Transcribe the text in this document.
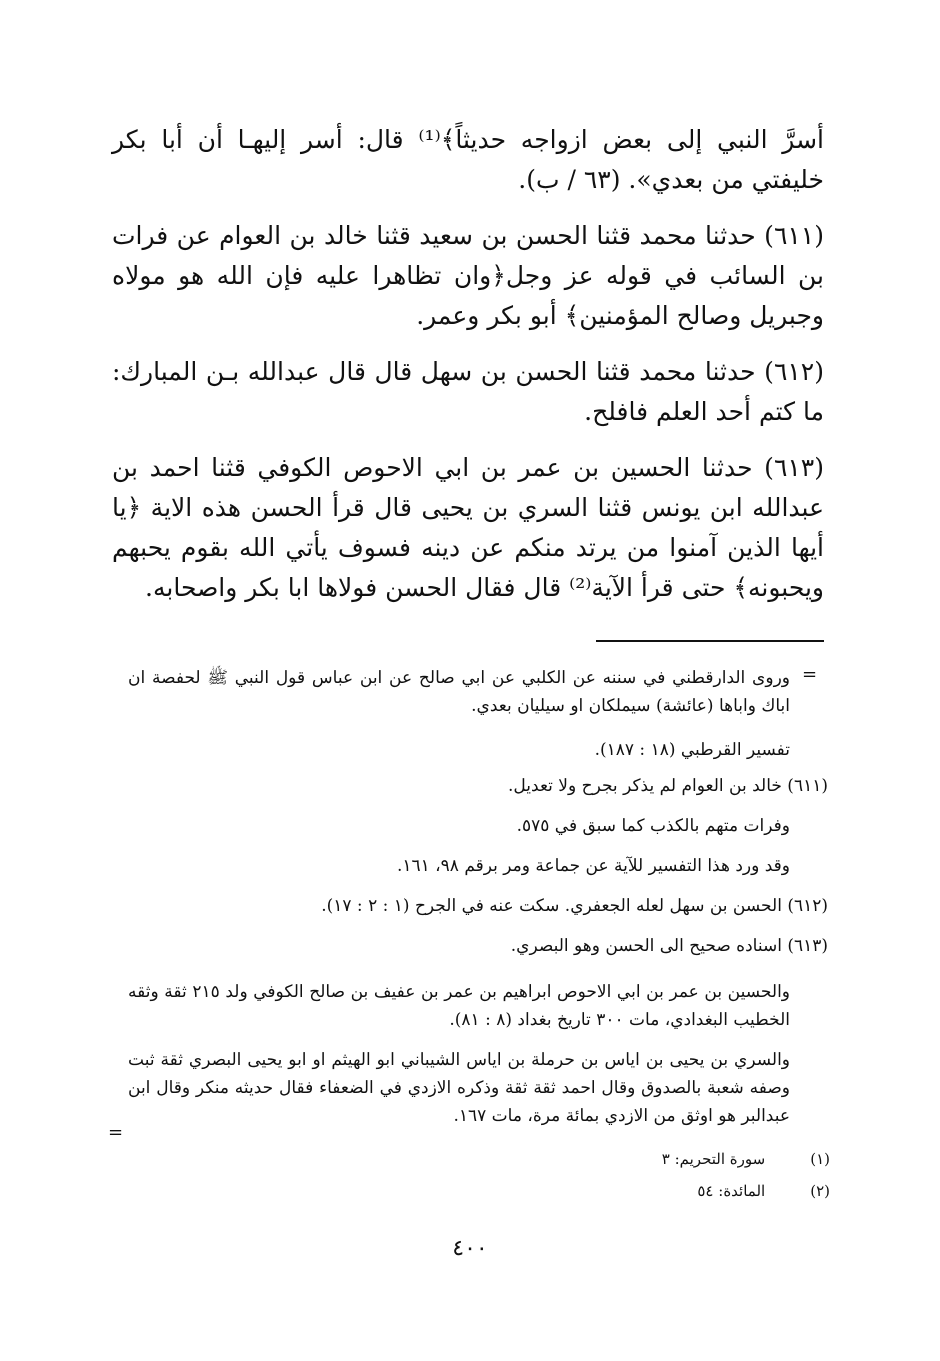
أسرَّ النبي إلى بعض ازواجه حديثاً﴾⁽¹⁾ قال: أسر إليهـا أن أبا بكر خليفتي من بعدي». (٦٣ / ب).

(٦١١) حدثنا محمد قثنا الحسن بن سعيد قثنا خالد بن العوام عن فرات بن السائب في قوله عز وجل﴿وان تظاهرا عليه فإن الله هو مولاه وجبريل وصالح المؤمنين﴾ أبو بكر وعمر.

(٦١٢) حدثنا محمد قثنا الحسن بن سهل قال قال عبدالله بـن المبارك: ما كتم أحد العلم فافلح.

(٦١٣) حدثنا الحسين بن عمر بن ابي الاحوص الكوفي قثنا احمد بن عبدالله ابن يونس قثنا السري بن يحيى قال قرأ الحسن هذه الاية ﴿يا أيها الذين آمنوا من يرتد منكم عن دينه فسوف يأتي الله بقوم يحبهم ويحبونه﴾ حتى قرأ الآية⁽²⁾ قال فقال الحسن فولاها ابا بكر واصحابه.

=

وروى الدارقطني في سننه عن الكلبي عن ابي صالح عن ابن عباس قول النبي ﷺ لحفصة ان اباك واباها (عائشة) سيملكان او سيليان بعدي.

تفسير القرطبي (١٨ : ١٨٧).

(٦١١) خالد بن العوام لم يذكر بجرح ولا تعديل.

وفرات متهم بالكذب كما سبق في ٥٧٥.

وقد ورد هذا التفسير للآية عن جماعة ومر برقم ٩٨، ١٦١.

(٦١٢) الحسن بن سهل لعله الجعفري. سكت عنه في الجرح (١ : ٢ : ١٧).

(٦١٣) اسناده صحيح الى الحسن وهو البصري.

والحسين بن عمر بن ابي الاحوص ابراهيم بن عمر بن عفيف بن صالح الكوفي ولد ٢١٥ ثقة وثقه الخطيب البغدادي، مات ٣٠٠ تاريخ بغداد (٨ : ٨١).

والسري بن يحيى بن اياس بن حرملة بن اياس الشيباني ابو الهيثم او ابو يحيى البصري ثقة ثبت وصفه شعبة بالصدوق وقال احمد ثقة ثقة وذكره الازدي في الضعفاء فقال حديثه منكر وقال ابن عبدالبر هو اوثق من الازدي بمائة مرة، مات ١٦٧.

=
(١) سورة التحريم: ٣
(٢) المائدة: ٥٤
٤٠٠
